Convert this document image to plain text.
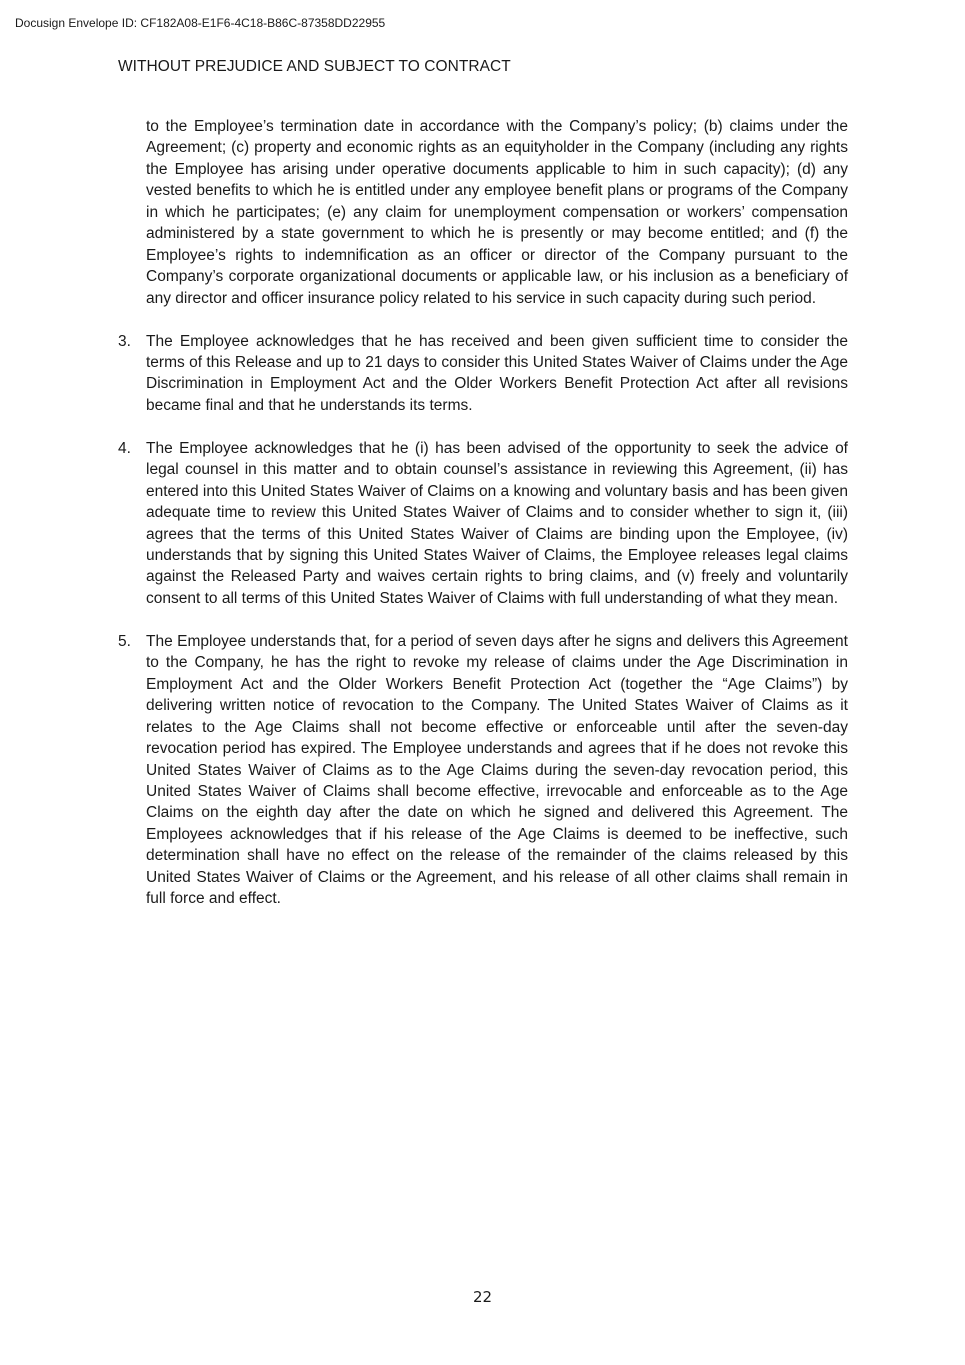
Docusign Envelope ID: CF182A08-E1F6-4C18-B86C-87358DD22955
WITHOUT PREJUDICE AND SUBJECT TO CONTRACT

to the Employee’s termination date in accordance with the Company’s policy; (b) claims under the Agreement; (c) property and economic rights as an equityholder in the Company (including any rights the Employee has arising under operative documents applicable to him in such capacity); (d) any vested benefits to which he is entitled under any employee benefit plans or programs of the Company in which he participates; (e) any claim for unemployment compensation or workers’ compensation administered by a state government to which he is presently or may become entitled; and (f) the Employee’s rights to indemnification as an officer or director of the Company pursuant to the Company’s corporate organizational documents or applicable law, or his inclusion as a beneficiary of any director and officer insurance policy related to his service in such capacity during such period.

3. The Employee acknowledges that he has received and been given sufficient time to consider the terms of this Release and up to 21 days to consider this United States Waiver of Claims under the Age Discrimination in Employment Act and the Older Workers Benefit Protection Act after all revisions became final and that he understands its terms.

4. The Employee acknowledges that he (i) has been advised of the opportunity to seek the advice of legal counsel in this matter and to obtain counsel’s assistance in reviewing this Agreement, (ii) has entered into this United States Waiver of Claims on a knowing and voluntary basis and has been given adequate time to review this United States Waiver of Claims and to consider whether to sign it, (iii) agrees that the terms of this United States Waiver of Claims are binding upon the Employee, (iv) understands that by signing this United States Waiver of Claims, the Employee releases legal claims against the Released Party and waives certain rights to bring claims, and (v) freely and voluntarily consent to all terms of this United States Waiver of Claims with full understanding of what they mean.

5. The Employee understands that, for a period of seven days after he signs and delivers this Agreement to the Company, he has the right to revoke my release of claims under the Age Discrimination in Employment Act and the Older Workers Benefit Protection Act (together the “Age Claims”) by delivering written notice of revocation to the Company. The United States Waiver of Claims as it relates to the Age Claims shall not become effective or enforceable until after the seven-day revocation period has expired. The Employee understands and agrees that if he does not revoke this United States Waiver of Claims as to the Age Claims during the seven-day revocation period, this United States Waiver of Claims shall become effective, irrevocable and enforceable as to the Age Claims on the eighth day after the date on which he signed and delivered this Agreement. The Employees acknowledges that if his release of the Age Claims is deemed to be ineffective, such determination shall have no effect on the release of the remainder of the claims released by this United States Waiver of Claims or the Agreement, and his release of all other claims shall remain in full force and effect.

22
